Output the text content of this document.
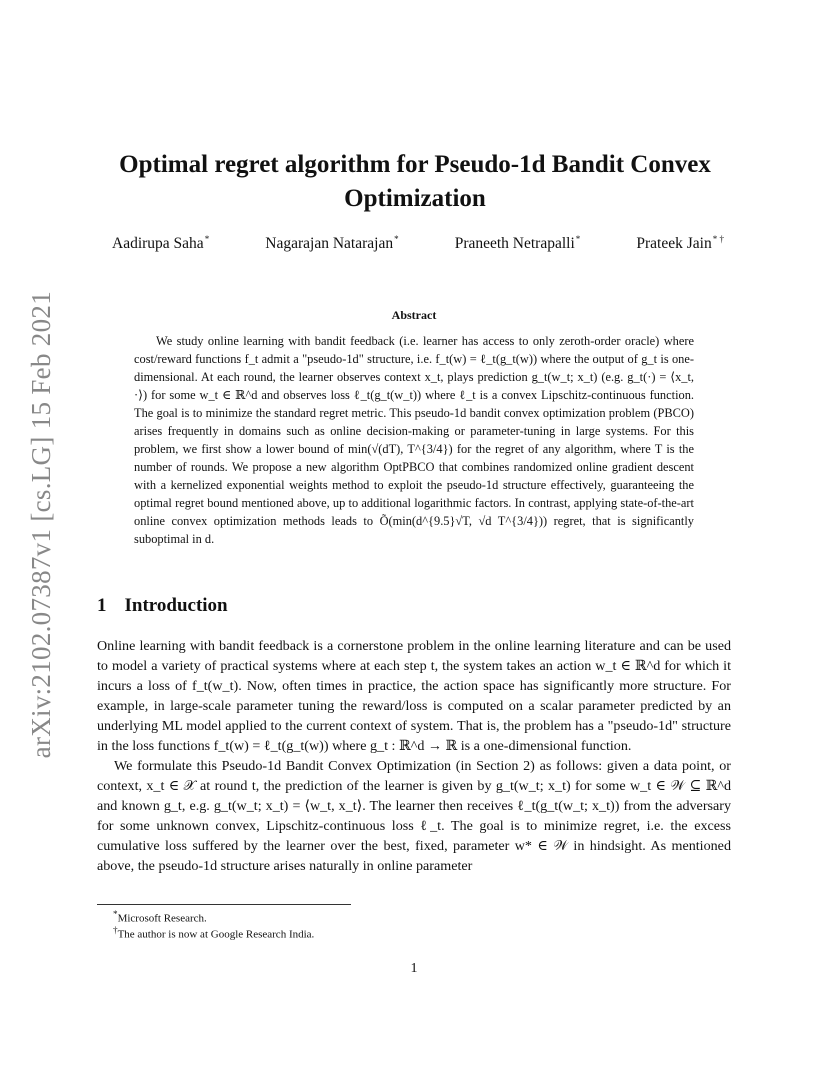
arXiv:2102.07387v1 [cs.LG] 15 Feb 2021
Optimal regret algorithm for Pseudo-1d Bandit Convex Optimization
Aadirupa Saha*	Nagarajan Natarajan*	Praneeth Netrapalli*	Prateek Jain* †
Abstract

We study online learning with bandit feedback (i.e. learner has access to only zeroth-order oracle) where cost/reward functions f_t admit a "pseudo-1d" structure, i.e. f_t(w) = ℓ_t(g_t(w)) where the output of g_t is one-dimensional. At each round, the learner observes context x_t, plays prediction g_t(w_t; x_t) (e.g. g_t(·) = ⟨x_t, ·⟩) for some w_t ∈ ℝ^d and observes loss ℓ_t(g_t(w_t)) where ℓ_t is a convex Lipschitz-continuous function. The goal is to minimize the standard regret metric. This pseudo-1d bandit convex optimization problem (PBCO) arises frequently in domains such as online decision-making or parameter-tuning in large systems. For this problem, we first show a lower bound of min(√(dT), T^{3/4}) for the regret of any algorithm, where T is the number of rounds. We propose a new algorithm OptPBCO that combines randomized online gradient descent with a kernelized exponential weights method to exploit the pseudo-1d structure effectively, guaranteeing the optimal regret bound mentioned above, up to additional logarithmic factors. In contrast, applying state-of-the-art online convex optimization methods leads to Õ(min(d^{9.5}√T, √d T^{3/4})) regret, that is significantly suboptimal in d.

1 Introduction

Online learning with bandit feedback is a cornerstone problem in the online learning literature and can be used to model a variety of practical systems where at each step t, the system takes an action w_t ∈ ℝ^d for which it incurs a loss of f_t(w_t). Now, often times in practice, the action space has significantly more structure. For example, in large-scale parameter tuning the reward/loss is computed on a scalar parameter predicted by an underlying ML model applied to the current context of system. That is, the problem has a "pseudo-1d" structure in the loss functions f_t(w) = ℓ_t(g_t(w)) where g_t : ℝ^d → ℝ is a one-dimensional function.

We formulate this Pseudo-1d Bandit Convex Optimization (in Section 2) as follows: given a data point, or context, x_t ∈ 𝒳 at round t, the prediction of the learner is given by g_t(w_t; x_t) for some w_t ∈ 𝒲 ⊆ ℝ^d and known g_t, e.g. g_t(w_t; x_t) = ⟨w_t, x_t⟩. The learner then receives ℓ_t(g_t(w_t; x_t)) from the adversary for some unknown convex, Lipschitz-continuous loss ℓ_t. The goal is to minimize regret, i.e. the excess cumulative loss suffered by the learner over the best, fixed, parameter w* ∈ 𝒲 in hindsight. As mentioned above, the pseudo-1d structure arises naturally in online parameter

*Microsoft Research.
†The author is now at Google Research India.
1
